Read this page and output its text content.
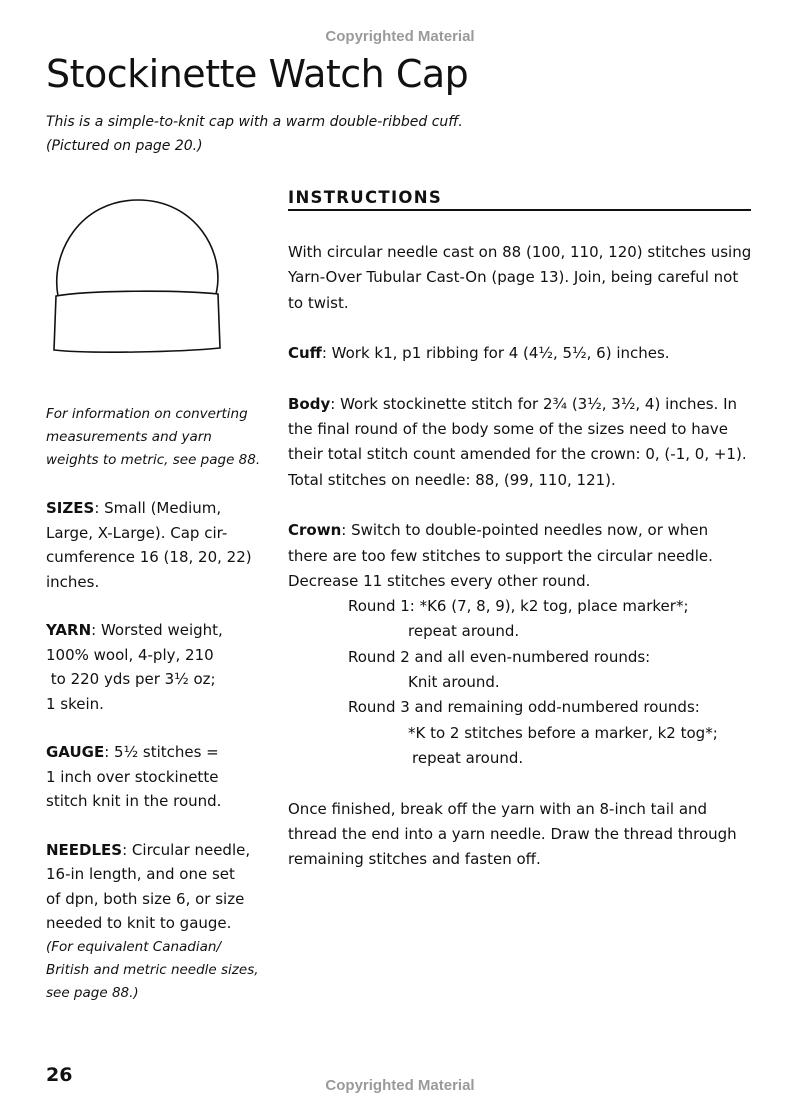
Copyrighted Material
Stockinette Watch Cap
This is a simple-to-knit cap with a warm double-ribbed cuff.
(Pictured on page 20.)
For information on converting
measurements and yarn
weights to metric, see page 88.
SIZES: Small (Medium,
Large, X-Large). Cap cir-
cumference 16 (18, 20, 22)
inches.
YARN: Worsted weight,
100% wool, 4-ply, 210
to 220 yds per 3½ oz;
1 skein.
GAUGE: 5½ stitches =
1 inch over stockinette
stitch knit in the round.
NEEDLES: Circular needle,
16-in length, and one set
of dpn, both size 6, or size
needed to knit to gauge.
(For equivalent Canadian/
British and metric needle sizes,
see page 88.)
INSTRUCTIONS
With circular needle cast on 88 (100, 110, 120) stitches using
Yarn-Over Tubular Cast-On (page 13). Join, being careful not
to twist.
Cuff: Work k1, p1 ribbing for 4 (4½, 5½, 6) inches.
Body: Work stockinette stitch for 2¾ (3½, 3½, 4) inches. In
the final round of the body some of the sizes need to have
their total stitch count amended for the crown: 0, (-1, 0, +1).
Total stitches on needle: 88, (99, 110, 121).
Crown: Switch to double-pointed needles now, or when
there are too few stitches to support the circular needle.
Decrease 11 stitches every other round.
Round 1: *K6 (7, 8, 9), k2 tog, place marker*;
repeat around.
Round 2 and all even-numbered rounds:
Knit around.
Round 3 and remaining odd-numbered rounds:
*K to 2 stitches before a marker, k2 tog*;
repeat around.
Once finished, break off the yarn with an 8-inch tail and
thread the end into a yarn needle. Draw the thread through
remaining stitches and fasten off.
26	Copyrighted Material
